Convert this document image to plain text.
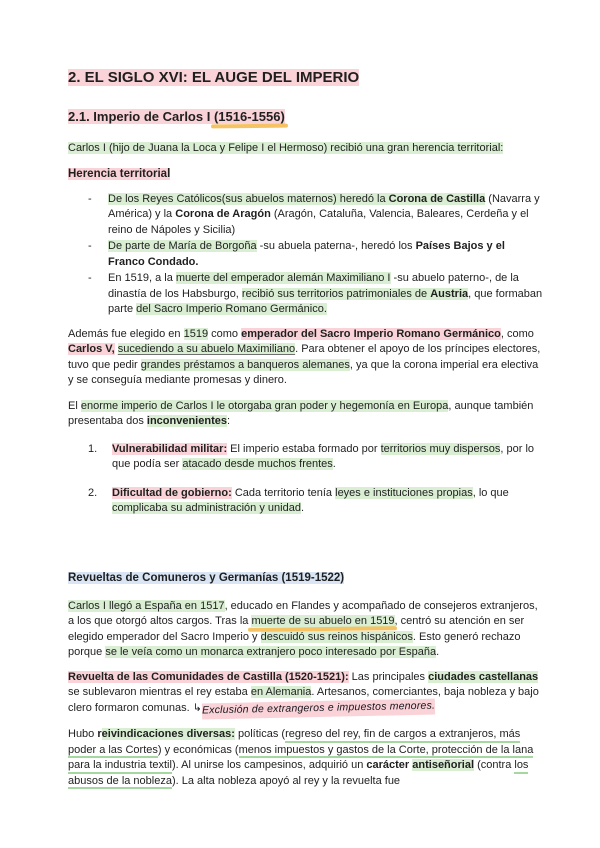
2. EL SIGLO XVI: EL AUGE DEL IMPERIO
2.1. Imperio de Carlos I (1516-1556)

Carlos I (hijo de Juana la Loca y Felipe I el Hermoso) recibió una gran herencia territorial:

Herencia territorial
- De los Reyes Católicos(sus abuelos maternos) heredó la Corona de Castilla (Navarra y América) y la Corona de Aragón (Aragón, Cataluña, Valencia, Baleares, Cerdeña y el reino de Nápoles y Sicilia)
- De parte de María de Borgoña -su abuela paterna-, heredó los Países Bajos y el Franco Condado.
- En 1519, a la muerte del emperador alemán Maximiliano I -su abuelo paterno-, de la dinastía de los Habsburgo, recibió sus territorios patrimoniales de Austria, que formaban parte del Sacro Imperio Romano Germánico.

Además fue elegido en 1519 como emperador del Sacro Imperio Romano Germánico, como Carlos V, sucediendo a su abuelo Maximiliano. Para obtener el apoyo de los príncipes electores, tuvo que pedir grandes préstamos a banqueros alemanes, ya que la corona imperial era electiva y se conseguía mediante promesas y dinero.

El enorme imperio de Carlos I le otorgaba gran poder y hegemonía en Europa, aunque también presentaba dos inconvenientes:

Vulnerabilidad militar: El imperio estaba formado por territorios muy dispersos, por lo que podía ser atacado desde muchos frentes.
Dificultad de gobierno: Cada territorio tenía leyes e instituciones propias, lo que complicaba su administración y unidad.
Revueltas de Comuneros y Germanías (1519-1522)

Carlos I llegó a España en 1517, educado en Flandes y acompañado de consejeros extranjeros, a los que otorgó altos cargos. Tras la muerte de su abuelo en 1519, centró su atención en ser elegido emperador del Sacro Imperio y descuidó sus reinos hispánicos. Esto generó rechazo porque se le veía como un monarca extranjero poco interesado por España.

Revuelta de las Comunidades de Castilla (1520-1521): Las principales ciudades castellanas se sublevaron mientras el rey estaba en Alemania. Artesanos, comerciantes, baja nobleza y bajo clero formaron comunas. ↳Exclusión de extrangeros e impuestos menores.

Hubo reivindicaciones diversas: políticas (regreso del rey, fin de cargos a extranjeros, más poder a las Cortes) y económicas (menos impuestos y gastos de la Corte, protección de la lana para la industria textil). Al unirse los campesinos, adquirió un carácter antiseñorial (contra los abusos de la nobleza). La alta nobleza apoyó al rey y la revuelta fue
